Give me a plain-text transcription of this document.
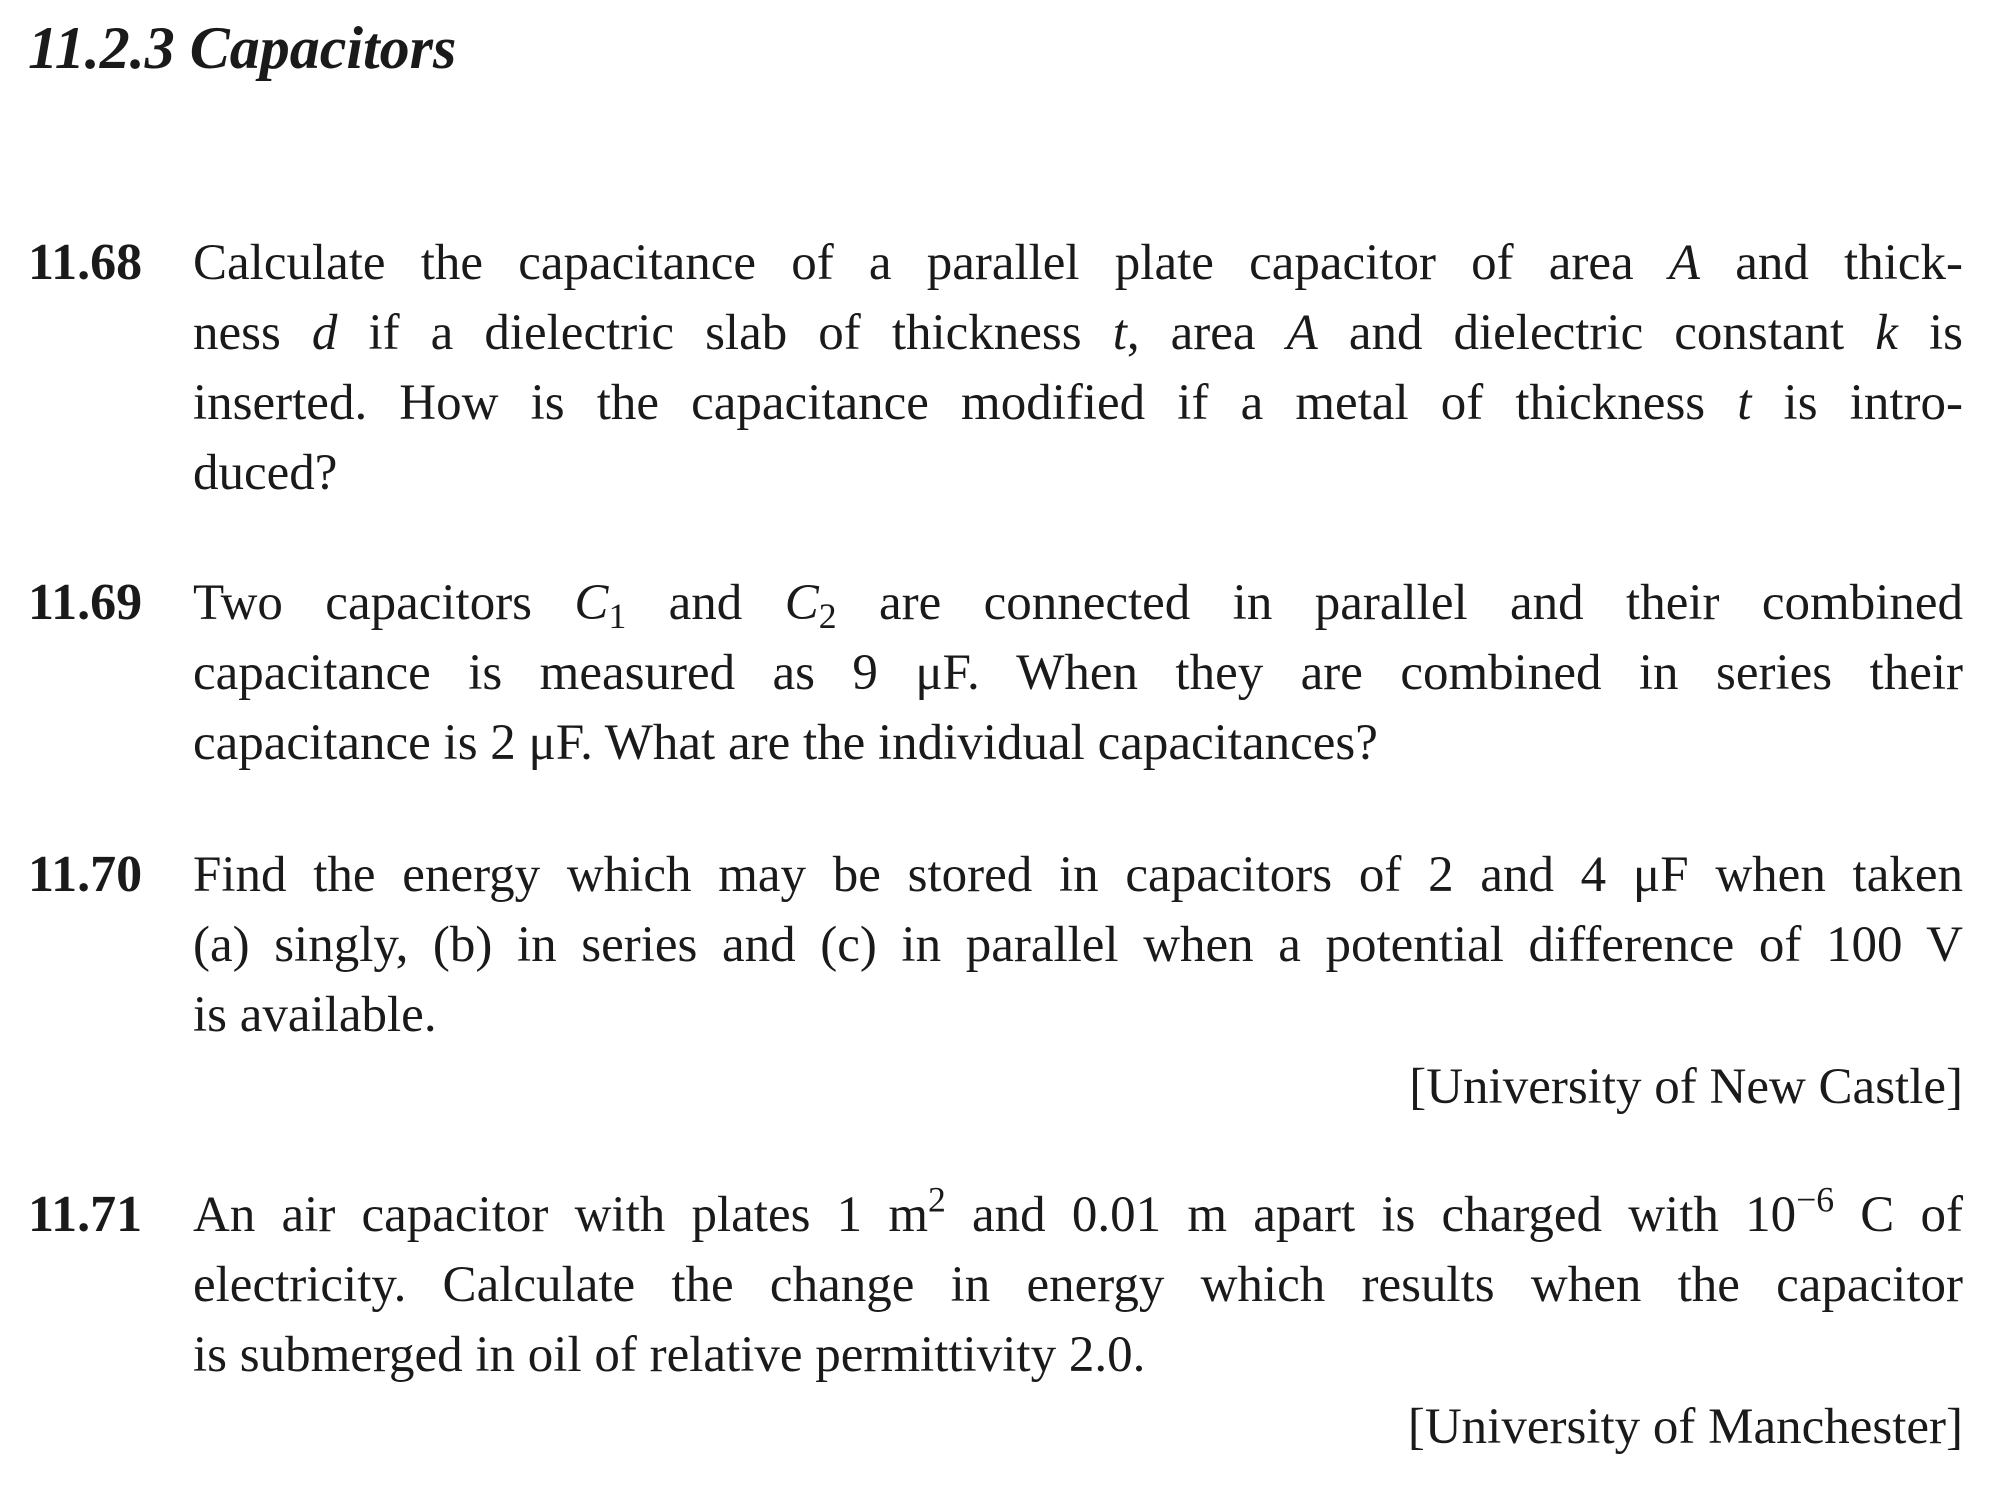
11.2.3 Capacitors
11.68 Calculate the capacitance of a parallel plate capacitor of area A and thick-
ness d if a dielectric slab of thickness t, area A and dielectric constant k is
inserted. How is the capacitance modified if a metal of thickness t is intro-
duced?
11.69 Two capacitors $C_1$ and $C_2$ are connected in parallel and their combined
capacitance is measured as 9 μF. When they are combined in series their
capacitance is 2 μF. What are the individual capacitances?
11.70 Find the energy which may be stored in capacitors of 2 and 4 μF when taken
(a) singly, (b) in series and (c) in parallel when a potential difference of 100 V
is available.
[University of New Castle]
11.71 An air capacitor with plates 1 $m^2$ and 0.01 m apart is charged with $10^{-6}$ C of
electricity. Calculate the change in energy which results when the capacitor
is submerged in oil of relative permittivity 2.0.
[University of Manchester]
